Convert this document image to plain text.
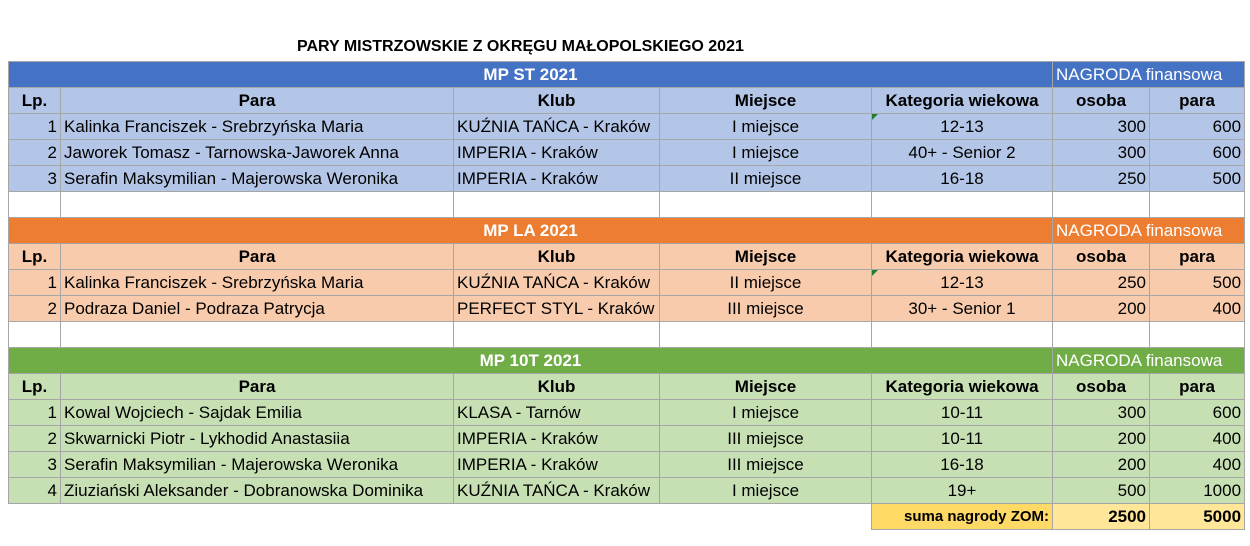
PARY MISTRZOWSKIE Z OKRĘGU MAŁOPOLSKIEGO 2021
MP ST 2021					NAGRODA finansowa	
Lp.	Para	Klub	Miejsce	Kategoria wiekowa	osoba	para
1	Kalinka Franciszek - Srebrzyńska Maria	KUŹNIA TAŃCA - Kraków	I miejsce	12-13	300	600
2	Jaworek Tomasz - Tarnowska-Jaworek Anna	IMPERIA - Kraków	I miejsce	40+ - Senior 2	300	600
3	Serafin Maksymilian - Majerowska Weronika	IMPERIA - Kraków	II miejsce	16-18	250	500

MP LA 2021					NAGRODA finansowa	
Lp.	Para	Klub	Miejsce	Kategoria wiekowa	osoba	para
1	Kalinka Franciszek - Srebrzyńska Maria	KUŹNIA TAŃCA - Kraków	II miejsce	12-13	250	500
2	Podraza Daniel - Podraza Patrycja	PERFECT STYL - Kraków	III miejsce	30+ - Senior 1	200	400

MP 10T 2021					NAGRODA finansowa	
Lp.	Para	Klub	Miejsce	Kategoria wiekowa	osoba	para
1	Kowal Wojciech - Sajdak Emilia	KLASA - Tarnów	I miejsce	10-11	300	600
2	Skwarnicki Piotr - Lykhodid Anastasiia	IMPERIA - Kraków	III miejsce	10-11	200	400
3	Serafin Maksymilian - Majerowska Weronika	IMPERIA - Kraków	III miejsce	16-18	200	400
4	Ziuziański Aleksander - Dobranowska Dominika	KUŹNIA TAŃCA - Kraków	I miejsce	19+	500	1000
				suma nagrody ZOM:	2500	5000
